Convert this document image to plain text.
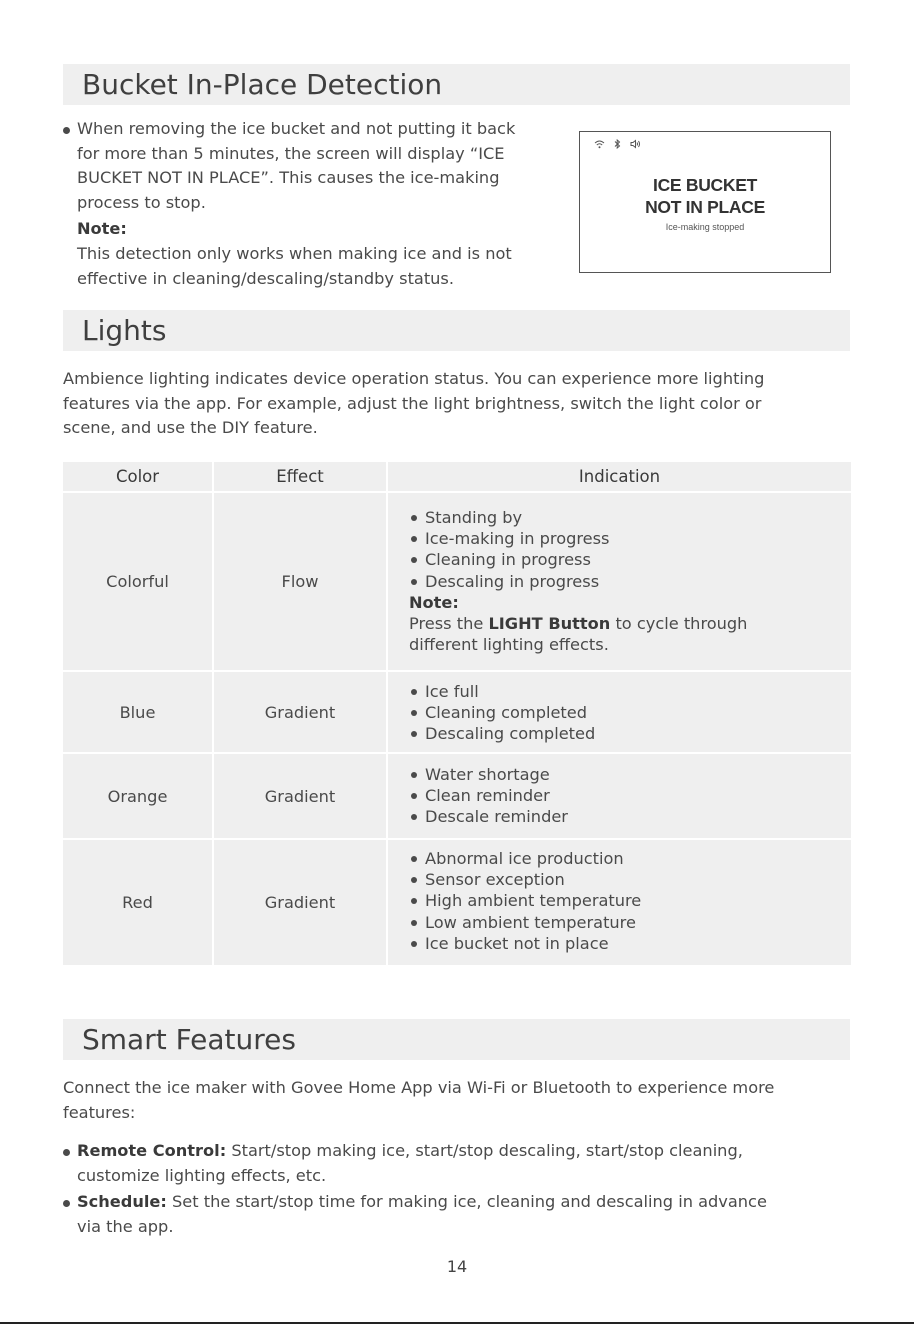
Bucket In-Place Detection
When removing the ice bucket and not putting it back
for more than 5 minutes, the screen will display “ICE
BUCKET NOT IN PLACE”. This causes the ice-making
process to stop.
Note:
This detection only works when making ice and is not
effective in cleaning/descaling/standby status.

ICE BUCKET
NOT IN PLACE
Ice-making stopped
Lights
Ambience lighting indicates device operation status. You can experience more lighting
features via the app. For example, adjust the light brightness, switch the light color or
scene, and use the DIY feature.
Color	Effect	Indication
Colorful	Flow
Standing by
Ice-making in progress
Cleaning in progress
Descaling in progress
Note:
Press the LIGHT Button to cycle through
different lighting effects.
Blue	Gradient
Ice full
Cleaning completed
Descaling completed
Orange	Gradient
Water shortage
Clean reminder
Descale reminder
Red	Gradient
Abnormal ice production
Sensor exception
High ambient temperature
Low ambient temperature
Ice bucket not in place
Smart Features
Connect the ice maker with Govee Home App via Wi-Fi or Bluetooth to experience more
features:
Remote Control: Start/stop making ice, start/stop descaling, start/stop cleaning,
customize lighting effects, etc.
Schedule: Set the start/stop time for making ice, cleaning and descaling in advance
via the app.
14
